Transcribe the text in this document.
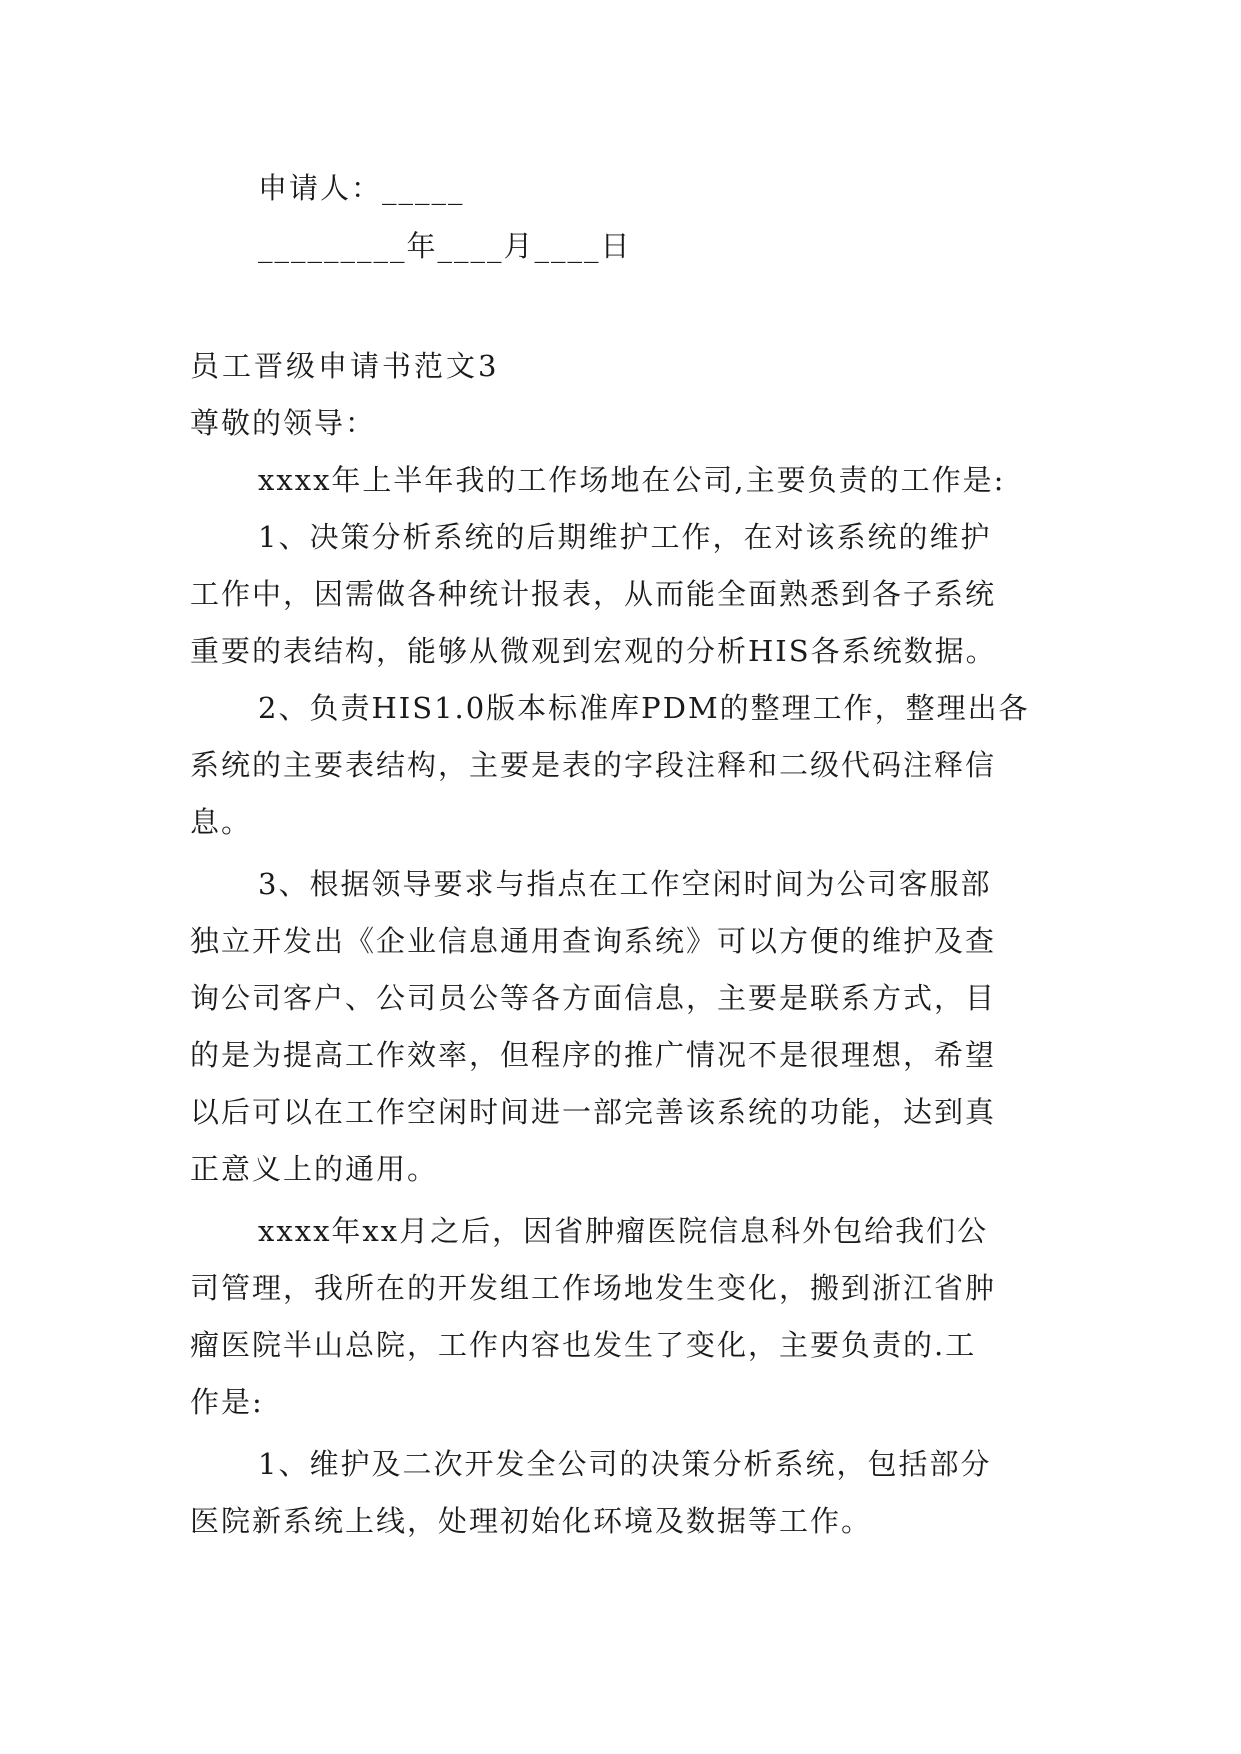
申请人：_____
_________年____月____日
员工晋级申请书范文3
尊敬的领导：
xxxx年上半年我的工作场地在公司,主要负责的工作是:
1、决策分析系统的后期维护工作，在对该系统的维护
工作中，因需做各种统计报表，从而能全面熟悉到各子系统
重要的表结构，能够从微观到宏观的分析HIS各系统数据。
2、负责HIS1.0版本标准库PDM的整理工作，整理出各
系统的主要表结构，主要是表的字段注释和二级代码注释信
息。
3、根据领导要求与指点在工作空闲时间为公司客服部
独立开发出《企业信息通用查询系统》可以方便的维护及查
询公司客户、公司员公等各方面信息，主要是联系方式，目
的是为提高工作效率，但程序的推广情况不是很理想，希望
以后可以在工作空闲时间进一部完善该系统的功能，达到真
正意义上的通用。
xxxx年xx月之后，因省肿瘤医院信息科外包给我们公
司管理，我所在的开发组工作场地发生变化，搬到浙江省肿
瘤医院半山总院，工作内容也发生了变化，主要负责的.工
作是:
1、维护及二次开发全公司的决策分析系统，包括部分
医院新系统上线，处理初始化环境及数据等工作。
